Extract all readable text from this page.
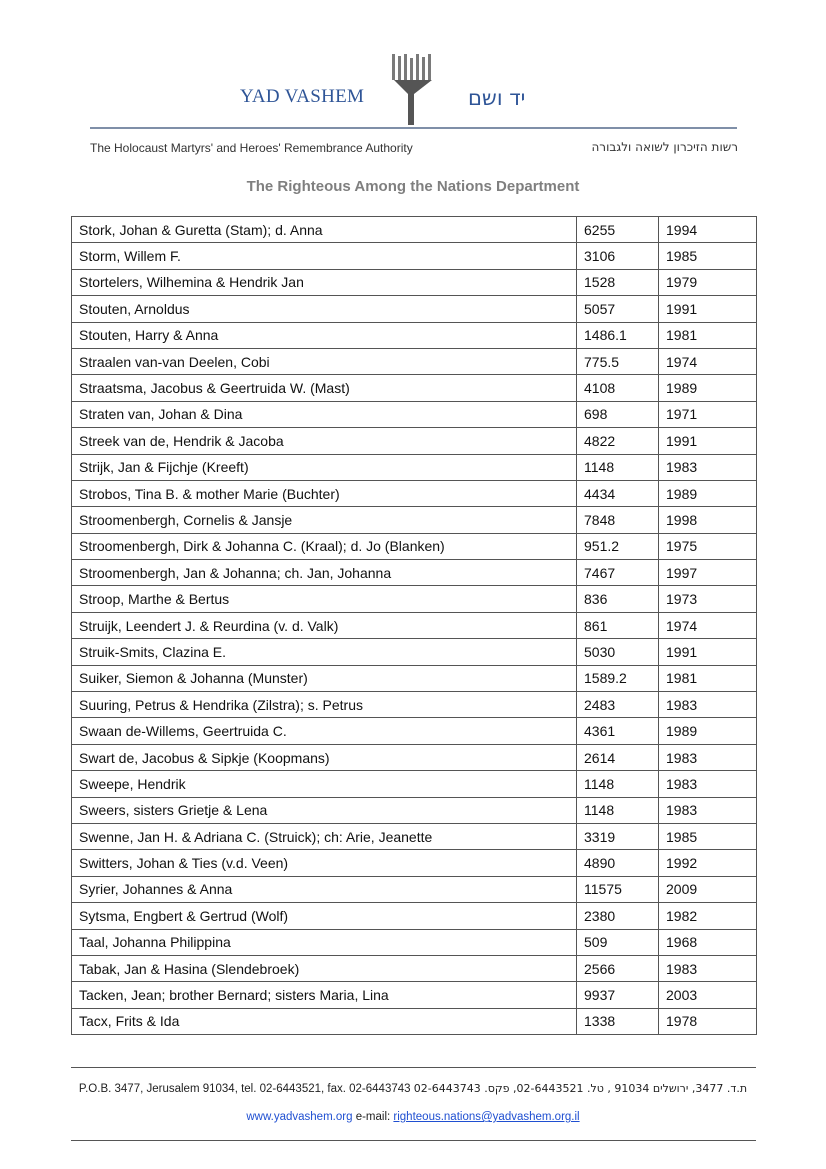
YAD VASHEM	יד ושם
The Holocaust Martyrs' and Heroes' Remembrance Authority	רשות הזיכרון לשואה ולגבורה
The Righteous Among the Nations Department
Stork, Johan & Guretta (Stam); d. Anna	6255	1994
Storm, Willem F.	3106	1985
Stortelers, Wilhemina & Hendrik Jan	1528	1979
Stouten, Arnoldus	5057	1991
Stouten, Harry & Anna	1486.1	1981
Straalen van-van Deelen, Cobi	775.5	1974
Straatsma, Jacobus & Geertruida W. (Mast)	4108	1989
Straten van, Johan & Dina	698	1971
Streek van de, Hendrik & Jacoba	4822	1991
Strijk, Jan & Fijchje (Kreeft)	1148	1983
Strobos, Tina B. & mother Marie (Buchter)	4434	1989
Stroomenbergh, Cornelis & Jansje	7848	1998
Stroomenbergh, Dirk & Johanna C. (Kraal); d. Jo (Blanken)	951.2	1975
Stroomenbergh, Jan & Johanna; ch. Jan, Johanna	7467	1997
Stroop, Marthe & Bertus	836	1973
Struijk, Leendert J. & Reurdina (v. d. Valk)	861	1974
Struik-Smits, Clazina E.	5030	1991
Suiker, Siemon & Johanna (Munster)	1589.2	1981
Suuring, Petrus & Hendrika (Zilstra); s. Petrus	2483	1983
Swaan de-Willems, Geertruida C.	4361	1989
Swart de, Jacobus & Sipkje (Koopmans)	2614	1983
Sweepe, Hendrik	1148	1983
Sweers, sisters Grietje & Lena	1148	1983
Swenne, Jan H. & Adriana C. (Struick); ch: Arie, Jeanette	3319	1985
Switters, Johan & Ties (v.d. Veen)	4890	1992
Syrier, Johannes & Anna	11575	2009
Sytsma, Engbert & Gertrud (Wolf)	2380	1982
Taal, Johanna Philippina	509	1968
Tabak, Jan & Hasina (Slendebroek)	2566	1983
Tacken, Jean; brother Bernard; sisters Maria, Lina	9937	2003
Tacx, Frits & Ida	1338	1978
P.O.B. 3477, Jerusalem 91034, tel. 02-6443521, fax. 02-6443743 ת.ד. 3477, ירושלים 91034 , טל. 02-6443521, פקס. 02-6443743
www.yadvashem.org e-mail: righteous.nations@yadvashem.org.il
